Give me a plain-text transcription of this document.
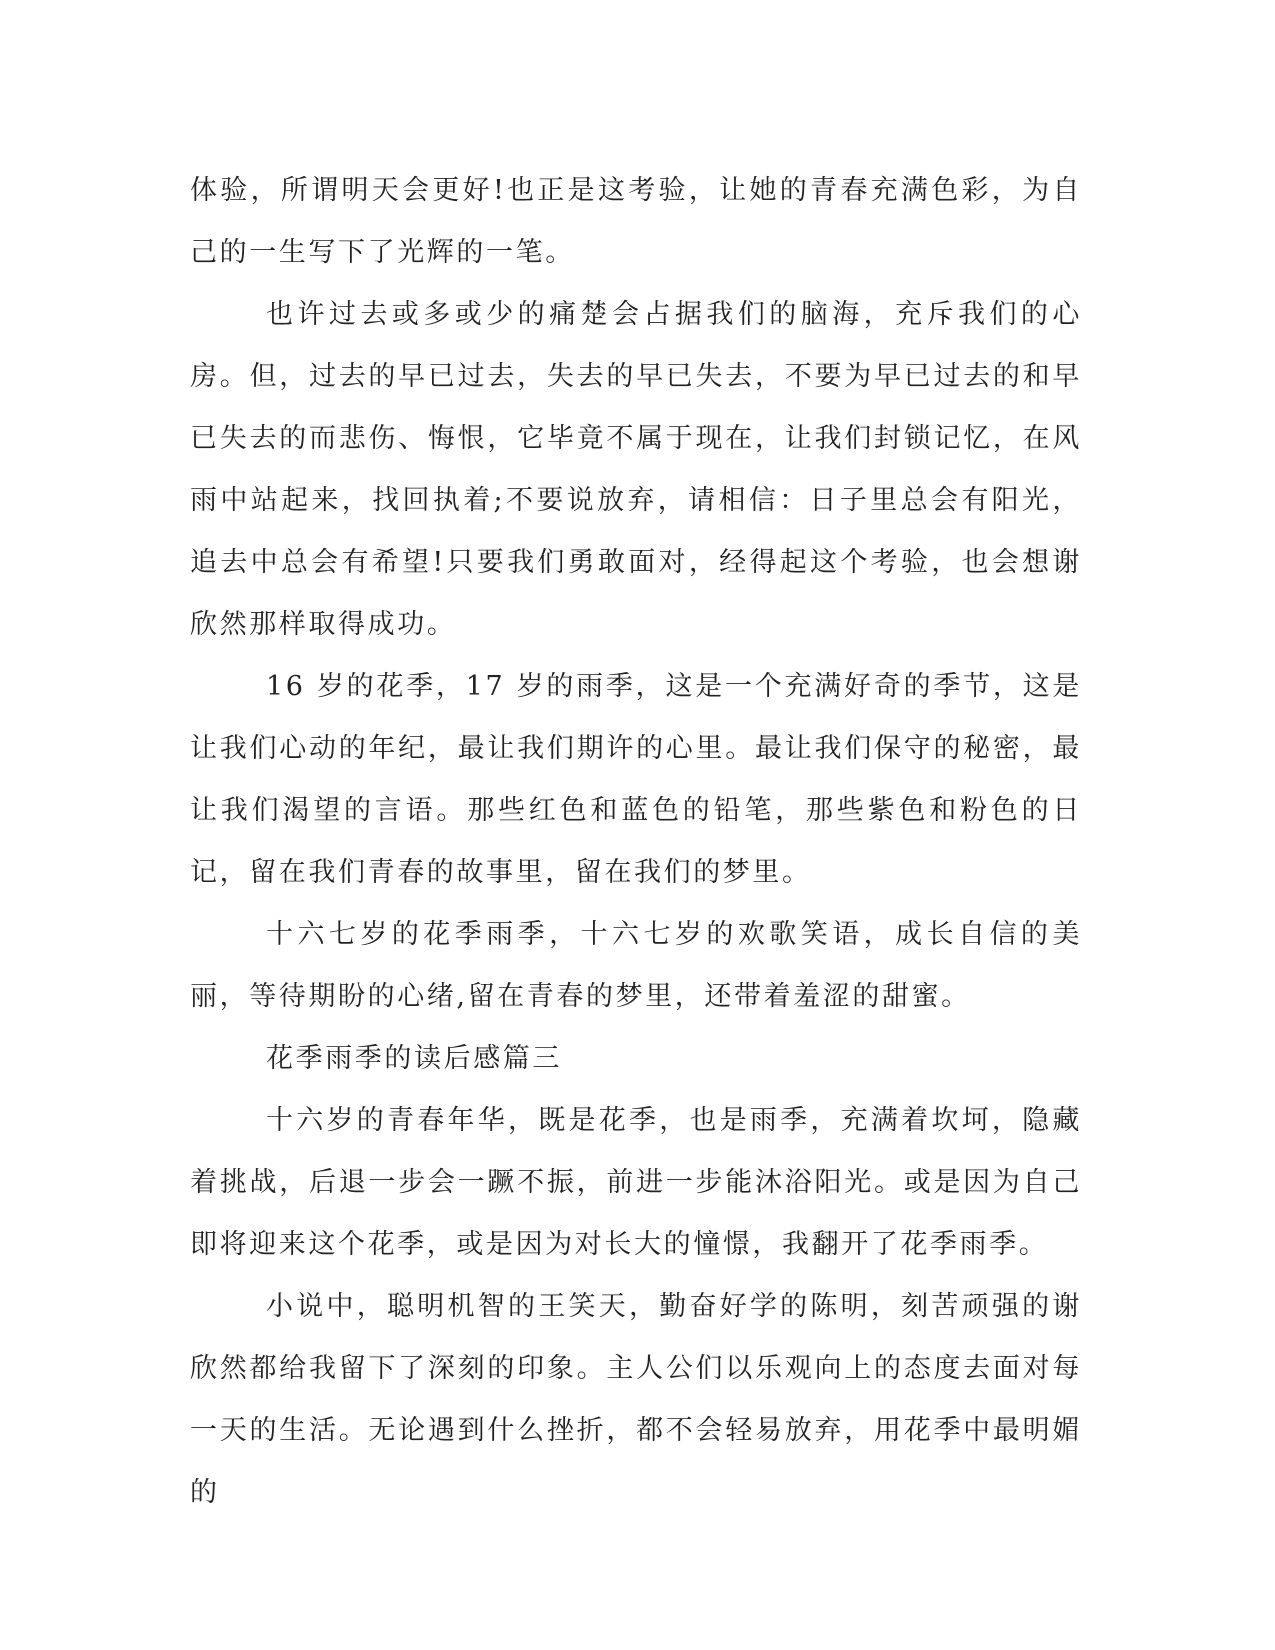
体验，所谓明天会更好!也正是这考验，让她的青春充满色彩，为自己的一生写下了光辉的一笔。

也许过去或多或少的痛楚会占据我们的脑海，充斥我们的心房。但，过去的早已过去，失去的早已失去，不要为早已过去的和早已失去的而悲伤、悔恨，它毕竟不属于现在，让我们封锁记忆，在风雨中站起来，找回执着;不要说放弃，请相信：日子里总会有阳光，追去中总会有希望!只要我们勇敢面对，经得起这个考验，也会想谢欣然那样取得成功。

16 岁的花季，17 岁的雨季，这是一个充满好奇的季节，这是让我们心动的年纪，最让我们期许的心里。最让我们保守的秘密，最让我们渴望的言语。那些红色和蓝色的铅笔，那些紫色和粉色的日记，留在我们青春的故事里，留在我们的梦里。

十六七岁的花季雨季，十六七岁的欢歌笑语，成长自信的美丽，等待期盼的心绪,留在青春的梦里，还带着羞涩的甜蜜。

花季雨季的读后感篇三

十六岁的青春年华，既是花季，也是雨季，充满着坎坷，隐藏着挑战，后退一步会一蹶不振，前进一步能沐浴阳光。或是因为自己即将迎来这个花季，或是因为对长大的憧憬，我翻开了花季雨季。

小说中，聪明机智的王笑天，勤奋好学的陈明，刻苦顽强的谢欣然都给我留下了深刻的印象。主人公们以乐观向上的态度去面对每一天的生活。无论遇到什么挫折，都不会轻易放弃，用花季中最明媚的
